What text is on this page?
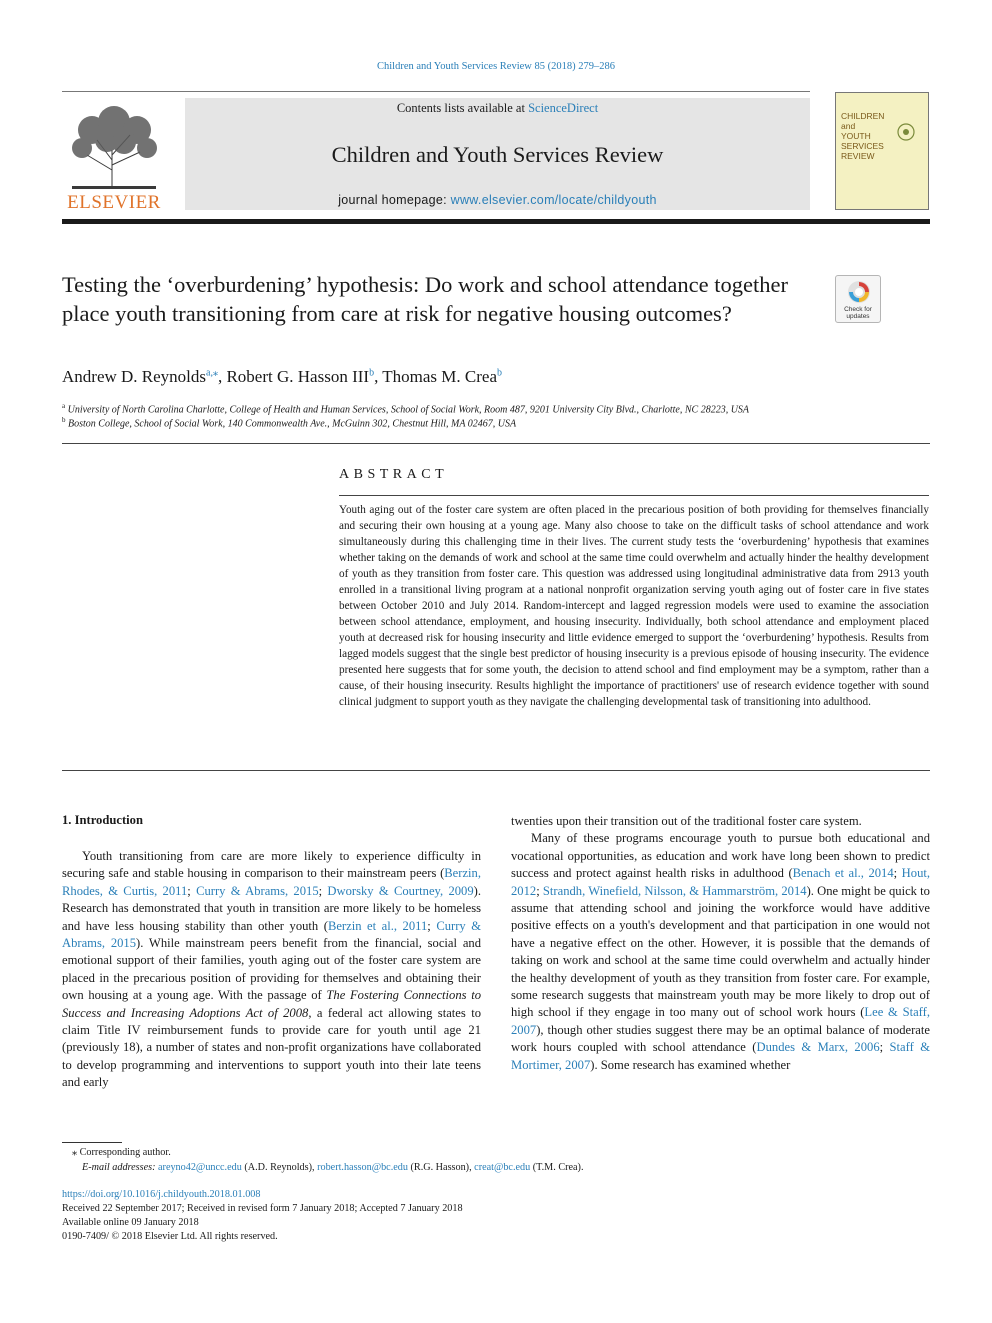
Children and Youth Services Review 85 (2018) 279–286
ELSEVIER
Contents lists available at ScienceDirect
Children and Youth Services Review
journal homepage: www.elsevier.com/locate/childyouth
CHILDREN
and
YOUTH
SERVICES
REVIEW
Testing the ‘overburdening’ hypothesis: Do work and school attendance together place youth transitioning from care at risk for negative housing outcomes?	Check for
updates
Andrew D. Reynolds$^{a,⁎}$, Robert G. Hasson III$^b$, Thomas M. Crea$^b$
$^a$ University of North Carolina Charlotte, College of Health and Human Services, School of Social Work, Room 487, 9201 University City Blvd., Charlotte, NC 28223, USA
$^b$ Boston College, School of Social Work, 140 Commonwealth Ave., McGuinn 302, Chestnut Hill, MA 02467, USA
ABSTRACT
Youth aging out of the foster care system are often placed in the precarious position of both providing for themselves financially and securing their own housing at a young age. Many also choose to take on the difficult tasks of school attendance and work simultaneously during this challenging time in their lives. The current study tests the ‘overburdening’ hypothesis that examines whether taking on the demands of work and school at the same time could overwhelm and actually hinder the healthy development of youth as they transition from foster care. This question was addressed using longitudinal administrative data from 2913 youth enrolled in a transitional living program at a national nonprofit organization serving youth aging out of foster care in five states between October 2010 and July 2014. Random-intercept and lagged regression models were used to examine the association between school attendance, employment, and housing insecurity. Individually, both school attendance and employment placed youth at decreased risk for housing insecurity and little evidence emerged to support the ‘overburdening’ hypothesis. Results from lagged models suggest that the single best predictor of housing insecurity is a previous episode of housing insecurity. The evidence presented here suggests that for some youth, the decision to attend school and find employment may be a symptom, rather than a cause, of their housing insecurity. Results highlight the importance of practitioners' use of research evidence together with sound clinical judgment to support youth as they navigate the challenging developmental task of transitioning into adulthood.
1. Introduction

Youth transitioning from care are more likely to experience difficulty in securing safe and stable housing in comparison to their mainstream peers (Berzin, Rhodes, & Curtis, 2011; Curry & Abrams, 2015; Dworsky & Courtney, 2009). Research has demonstrated that youth in transition are more likely to be homeless and have less housing stability than other youth (Berzin et al., 2011; Curry & Abrams, 2015). While mainstream peers benefit from the financial, social and emotional support of their families, youth aging out of the foster care system are placed in the precarious position of providing for themselves and obtaining their own housing at a young age. With the passage of The Fostering Connections to Success and Increasing Adoptions Act of 2008, a federal act allowing states to claim Title IV reimbursement funds to provide care for youth until age 21 (previously 18), a number of states and non-profit organizations have collaborated to develop programming and interventions to support youth into their late teens and early

twenties upon their transition out of the traditional foster care system.

Many of these programs encourage youth to pursue both educational and vocational opportunities, as education and work have long been shown to predict success and protect against health risks in adulthood (Benach et al., 2014; Hout, 2012; Strandh, Winefield, Nilsson, & Hammarström, 2014). One might be quick to assume that attending school and joining the workforce would have additive positive effects on a youth's development and that participation in one would not have a negative effect on the other. However, it is possible that the demands of taking on work and school at the same time could overwhelm and actually hinder the healthy development of youth as they transition from foster care. For example, some research suggests that mainstream youth may be more likely to drop out of high school if they engage in too many out of school work hours (Lee & Staff, 2007), though other studies suggest there may be an optimal balance of moderate work hours coupled with school attendance (Dundes & Marx, 2006; Staff & Mortimer, 2007). Some research has examined whether

⁎ Corresponding author.
E-mail addresses: areyno42@uncc.edu (A.D. Reynolds), robert.hasson@bc.edu (R.G. Hasson), creat@bc.edu (T.M. Crea).
https://doi.org/10.1016/j.childyouth.2018.01.008
Received 22 September 2017; Received in revised form 7 January 2018; Accepted 7 January 2018
Available online 09 January 2018
0190-7409/ © 2018 Elsevier Ltd. All rights reserved.
